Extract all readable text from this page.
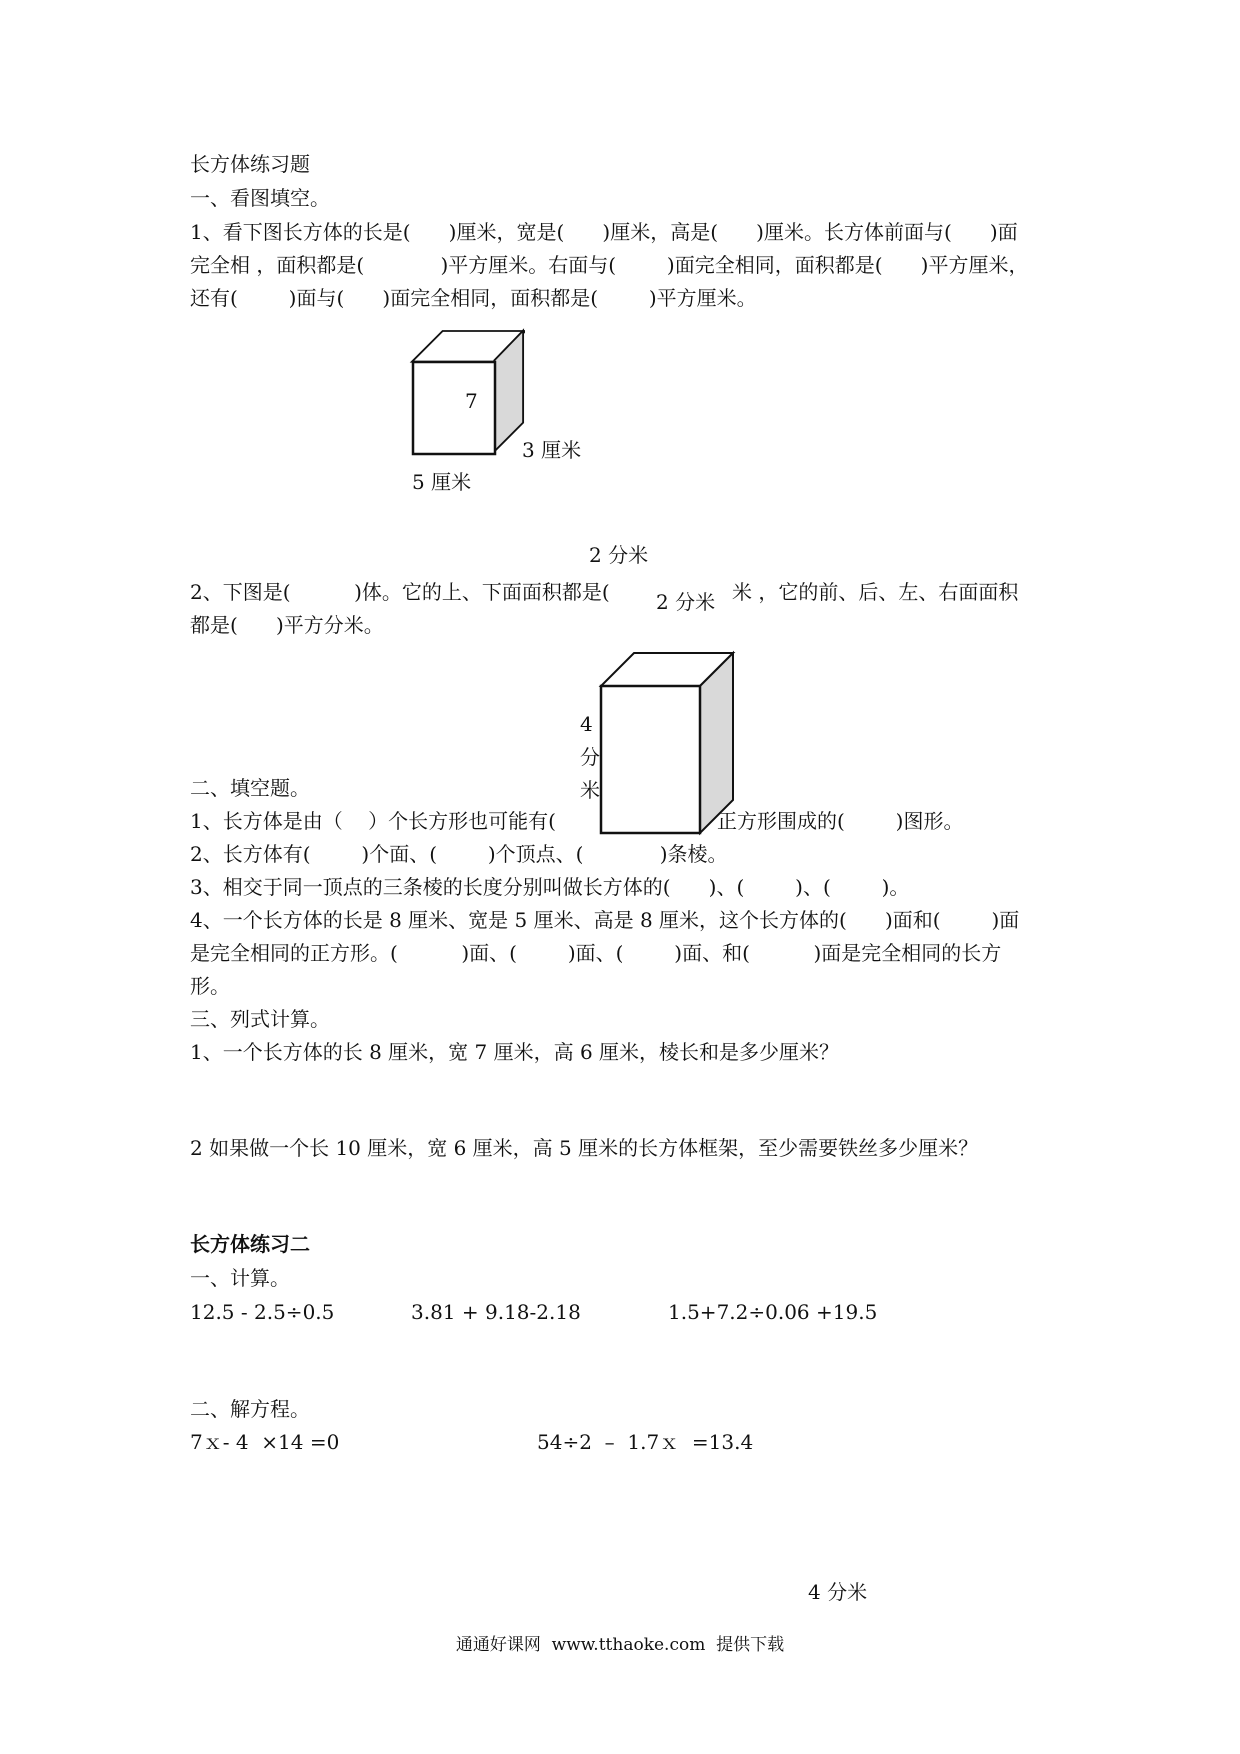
长方体练习题
一、看图填空。
1、看下图长方体的长是(      )厘米，宽是(      )厘米，高是(      )厘米。长方体前面与(      )面
完全相 ，面积都是(            )平方厘米。右面与(        )面完全相同，面积都是(      )平方厘米，
还有(        )面与(      )面完全相同，面积都是(        )平方厘米。
7
3 厘米
5 厘米
2 分米
2、下图是(          )体。它的上、下面面积都是( 2 分米 米 ，它的前、后、左、右面面积
都是(      )平方分米。
4
分
米
二、填空题。
1、长方体是由（    ）个长方形也可能有(	正方形围成的(        )图形。
2、长方体有(        )个面、(        )个顶点、(            )条棱。
3、相交于同一顶点的三条棱的长度分别叫做长方体的(      )、(        )、(        )。
4、一个长方体的长是 8 厘米、宽是 5 厘米、高是 8 厘米，这个长方体的(      )面和(        )面
是完全相同的正方形。(          )面、(        )面、(        )面、和(          )面是完全相同的长方
形。
三、列式计算。
1、一个长方体的长 8 厘米，宽 7 厘米，高 6 厘米，棱长和是多少厘米？
2 如果做一个长 10 厘米，宽 6 厘米，高 5 厘米的长方体框架，至少需要铁丝多少厘米？
长方体练习二
一、计算。
12.5 - 2.5÷0.5	3.81 + 9.18-2.18	1.5+7.2÷0.06 +19.5
二、解方程。
7ｘ- 4  ×14 =0	54÷2  –  1.7ｘ  =13.4
4 分米
通通好课网  www.tthaoke.com  提供下载
